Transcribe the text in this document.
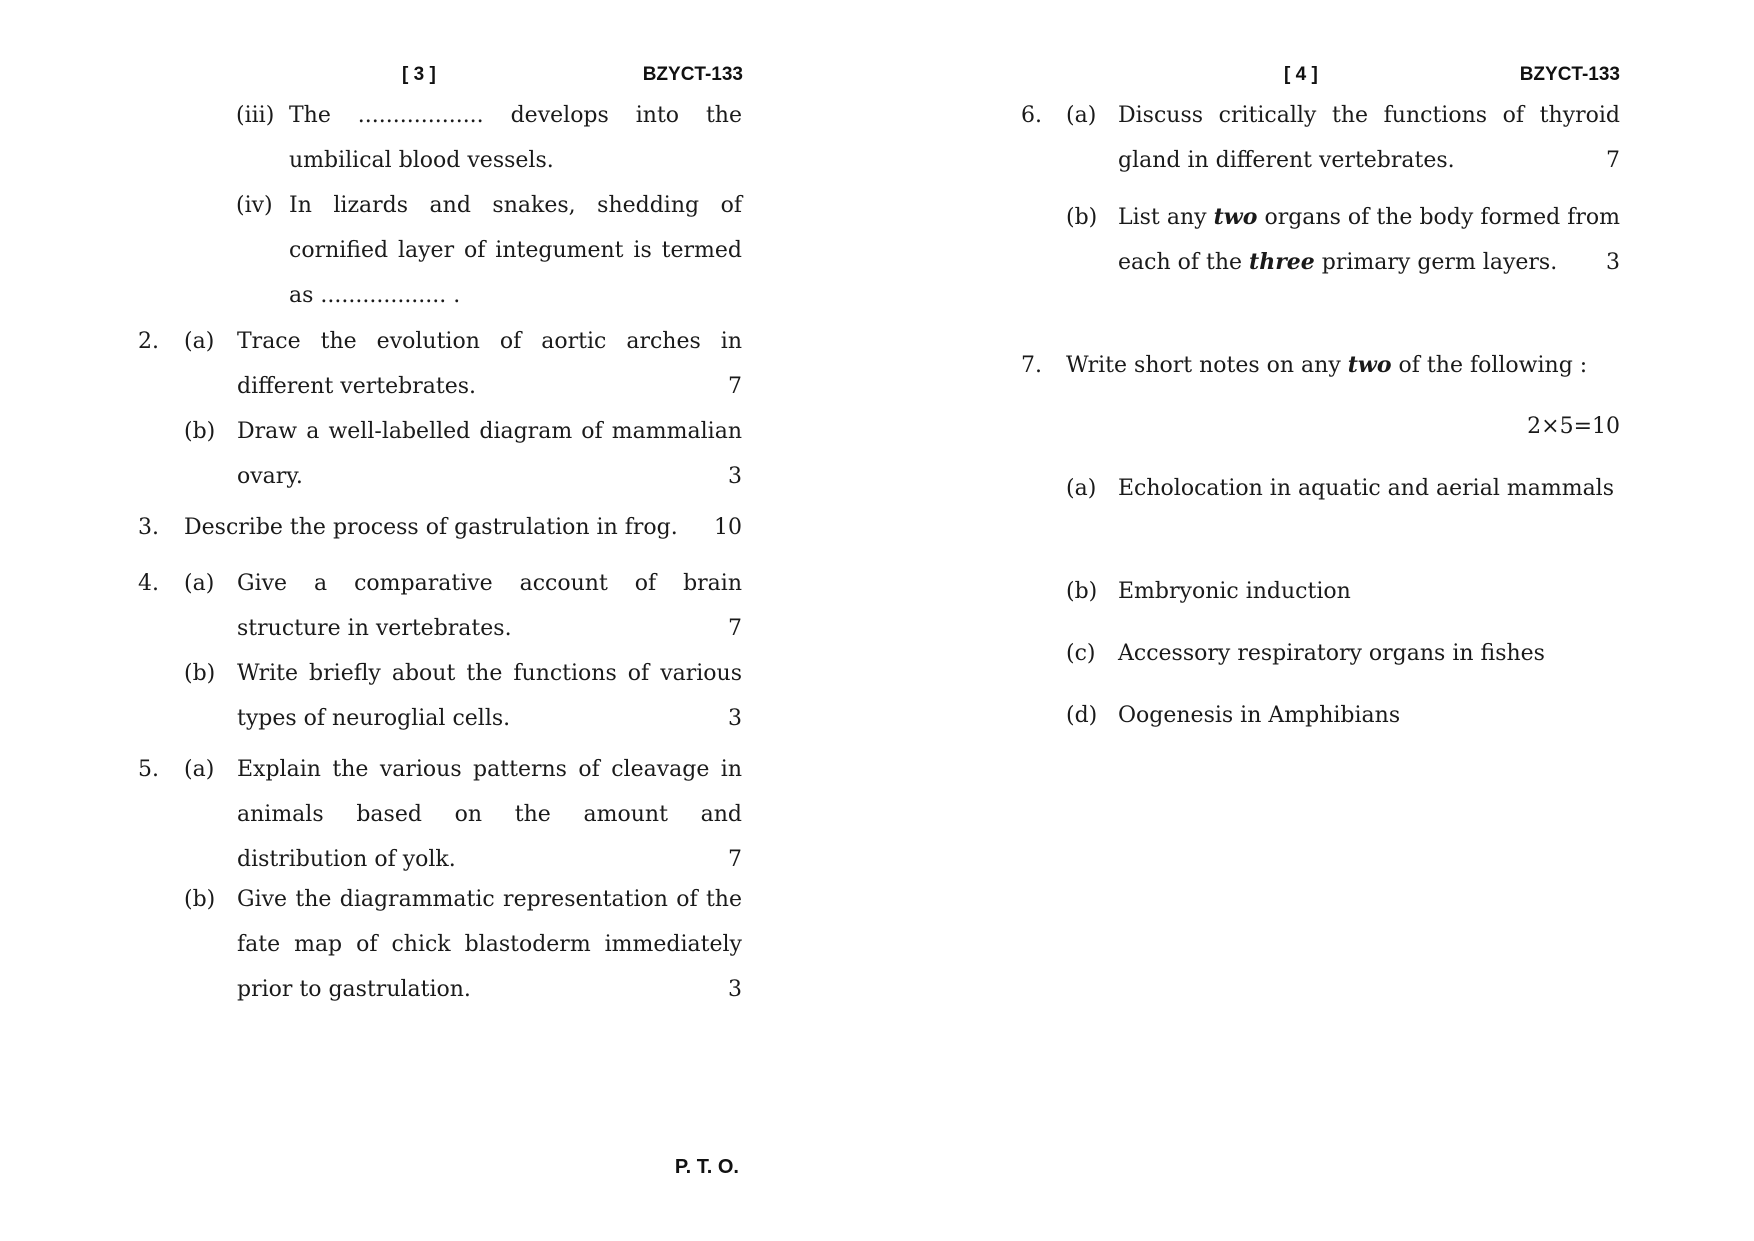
[ 3 ]	BZYCT-133
(iii) The .................. develops into the umbilical blood vessels.
(iv) In lizards and snakes, shedding of cornified layer of integument is termed as .................. .
2. (a) Trace the evolution of aortic arches in different vertebrates.	7
(b) Draw a well-labelled diagram of mammalian ovary.	3
3. Describe the process of gastrulation in frog. 10
4. (a) Give a comparative account of brain structure in vertebrates.	7
(b) Write briefly about the functions of various types of neuroglial cells.	3
5. (a) Explain the various patterns of cleavage in animals based on the amount and distribution of yolk.	7
(b) Give the diagrammatic representation of the fate map of chick blastoderm immediately prior to gastrulation.	3
P. T. O.
[ 4 ]	BZYCT-133
6. (a) Discuss critically the functions of thyroid gland in different vertebrates.	7
(b) List any two organs of the body formed from each of the three primary germ layers. 3
7. Write short notes on any two of the following :
2×5=10
(a) Echolocation in aquatic and aerial mammals
(b) Embryonic induction
(c) Accessory respiratory organs in fishes
(d) Oogenesis in Amphibians
